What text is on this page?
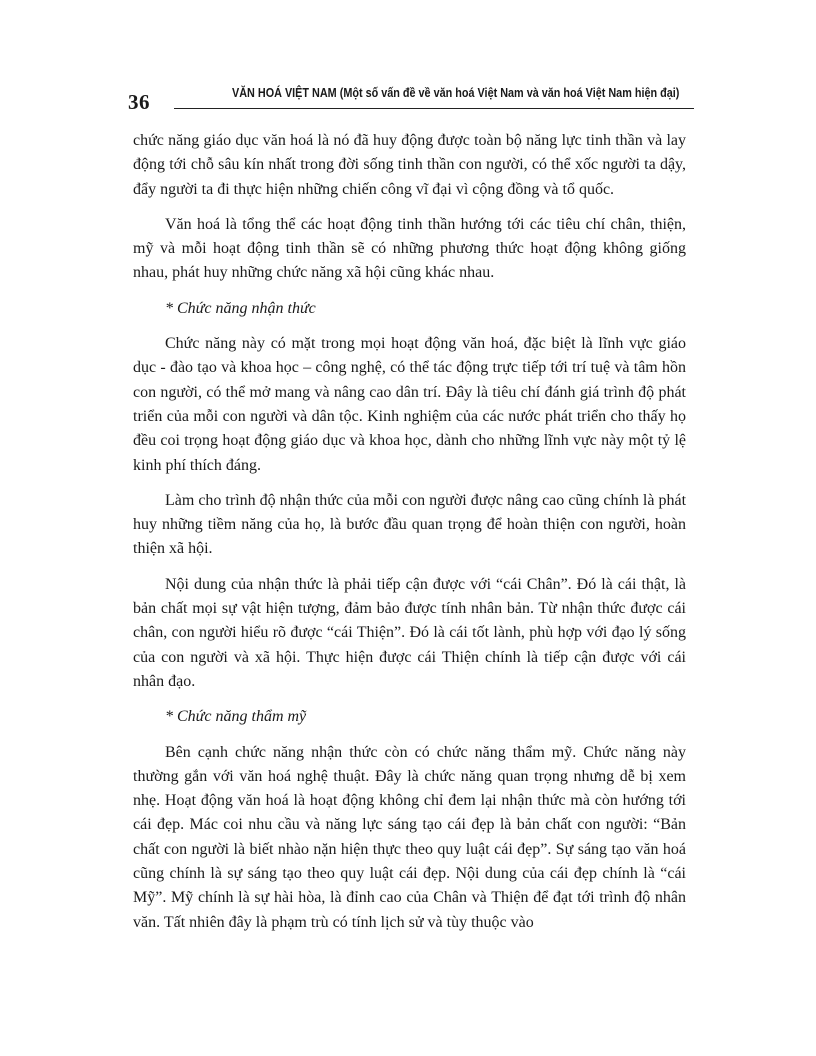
36	VĂN HOÁ VIỆT NAM (Một số vấn đề về văn hoá Việt Nam và văn hoá Việt Nam hiện đại)

chức năng giáo dục văn hoá là nó đã huy động được toàn bộ năng lực tinh thần và lay động tới chỗ sâu kín nhất trong đời sống tinh thần con người, có thể xốc người ta dậy, đẩy người ta đi thực hiện những chiến công vĩ đại vì cộng đồng và tổ quốc.

Văn hoá là tổng thể các hoạt động tinh thần hướng tới các tiêu chí chân, thiện, mỹ và mỗi hoạt động tinh thần sẽ có những phương thức hoạt động không giống nhau, phát huy những chức năng xã hội cũng khác nhau.

* Chức năng nhận thức

Chức năng này có mặt trong mọi hoạt động văn hoá, đặc biệt là lĩnh vực giáo dục - đào tạo và khoa học – công nghệ, có thể tác động trực tiếp tới trí tuệ và tâm hồn con người, có thể mở mang và nâng cao dân trí. Đây là tiêu chí đánh giá trình độ phát triển của mỗi con người và dân tộc. Kinh nghiệm của các nước phát triển cho thấy họ đều coi trọng hoạt động giáo dục và khoa học, dành cho những lĩnh vực này một tỷ lệ kinh phí thích đáng.

Làm cho trình độ nhận thức của mỗi con người được nâng cao cũng chính là phát huy những tiềm năng của họ, là bước đầu quan trọng để hoàn thiện con người, hoàn thiện xã hội.

Nội dung của nhận thức là phải tiếp cận được với “cái Chân”. Đó là cái thật, là bản chất mọi sự vật hiện tượng, đảm bảo được tính nhân bản. Từ nhận thức được cái chân, con người hiểu rõ được “cái Thiện”. Đó là cái tốt lành, phù hợp với đạo lý sống của con người và xã hội. Thực hiện được cái Thiện chính là tiếp cận được với cái nhân đạo.

* Chức năng thẩm mỹ

Bên cạnh chức năng nhận thức còn có chức năng thẩm mỹ. Chức năng này thường gắn với văn hoá nghệ thuật. Đây là chức năng quan trọng nhưng dễ bị xem nhẹ. Hoạt động văn hoá là hoạt động không chỉ đem lại nhận thức mà còn hướng tới cái đẹp. Mác coi nhu cầu và năng lực sáng tạo cái đẹp là bản chất con người: “Bản chất con người là biết nhào nặn hiện thực theo quy luật cái đẹp”. Sự sáng tạo văn hoá cũng chính là sự sáng tạo theo quy luật cái đẹp. Nội dung của cái đẹp chính là “cái Mỹ”. Mỹ chính là sự hài hòa, là đỉnh cao của Chân và Thiện để đạt tới trình độ nhân văn. Tất nhiên đây là phạm trù có tính lịch sử và tùy thuộc vào
